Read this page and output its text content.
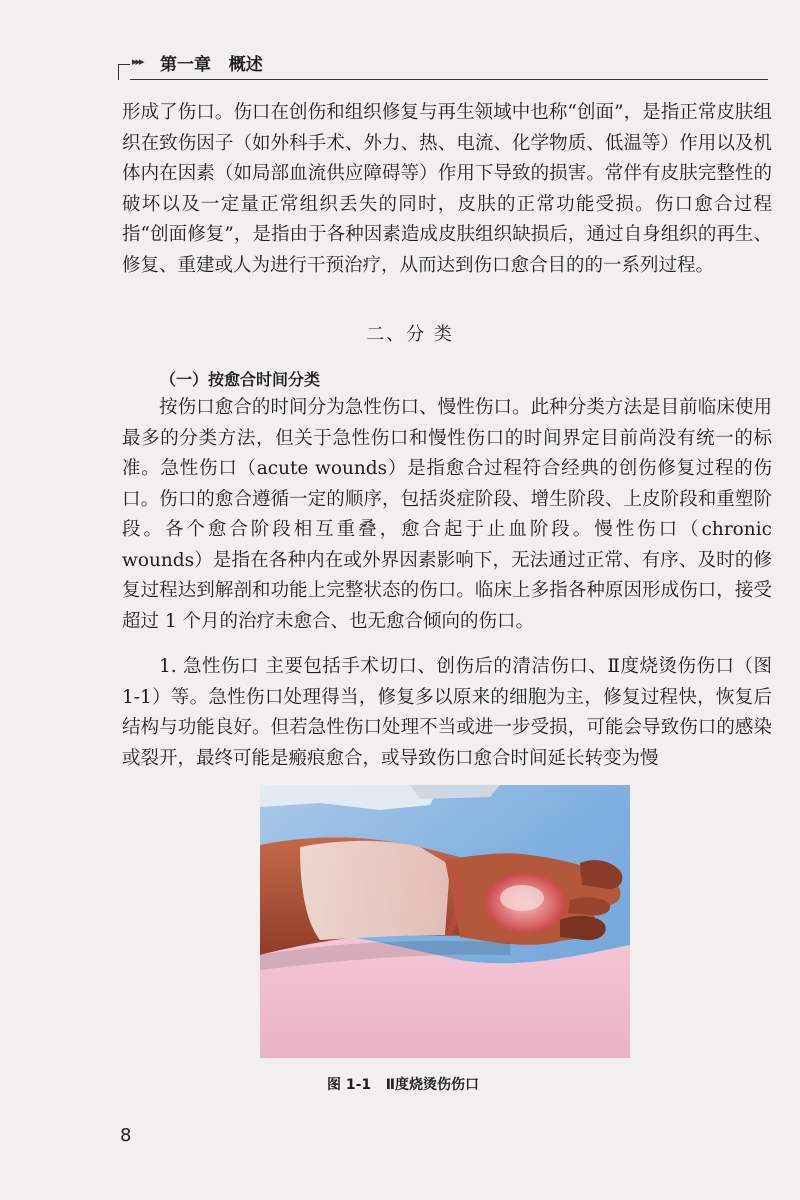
▸▸▸ 第一章   概述

形成了伤口。伤口在创伤和组织修复与再生领域中也称“创面”，是指正常皮肤组织在致伤因子（如外科手术、外力、热、电流、化学物质、低温等）作用以及机体内在因素（如局部血流供应障碍等）作用下导致的损害。常伴有皮肤完整性的破坏以及一定量正常组织丢失的同时，皮肤的正常功能受损。伤口愈合过程指“创面修复”，是指由于各种因素造成皮肤组织缺损后，通过自身组织的再生、修复、重建或人为进行干预治疗，从而达到伤口愈合目的的一系列过程。

二、分 类
（一）按愈合时间分类

按伤口愈合的时间分为急性伤口、慢性伤口。此种分类方法是目前临床使用最多的分类方法，但关于急性伤口和慢性伤口的时间界定目前尚没有统一的标准。急性伤口（acute wounds）是指愈合过程符合经典的创伤修复过程的伤口。伤口的愈合遵循一定的顺序，包括炎症阶段、增生阶段、上皮阶段和重塑阶段。各个愈合阶段相互重叠，愈合起于止血阶段。慢性伤口（chronic wounds）是指在各种内在或外界因素影响下，无法通过正常、有序、及时的修复过程达到解剖和功能上完整状态的伤口。临床上多指各种原因形成伤口，接受超过 1 个月的治疗未愈合、也无愈合倾向的伤口。

1. 急性伤口 主要包括手术切口、创伤后的清洁伤口、Ⅱ度烧烫伤伤口（图 1-1）等。急性伤口处理得当，修复多以原来的细胞为主，修复过程快，恢复后结构与功能良好。但若急性伤口处理不当或进一步受损，可能会导致伤口的感染或裂开，最终可能是瘢痕愈合，或导致伤口愈合时间延长转变为慢

图 1-1   Ⅱ度烧烫伤伤口
8
